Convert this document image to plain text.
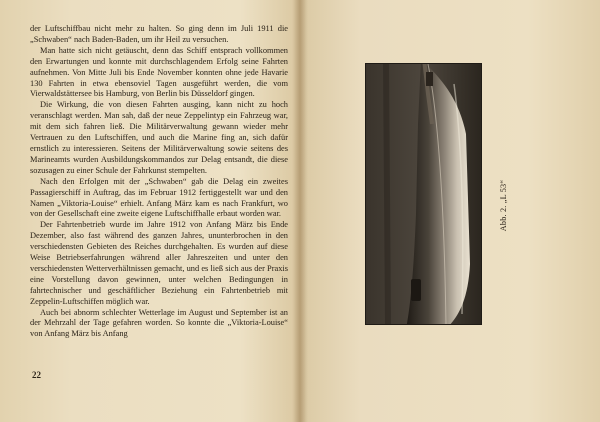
der Luftschiffbau nicht mehr zu halten. So ging denn im Juli 1911 die „Schwaben“ nach Baden-Baden, um ihr Heil zu versuchen.

Man hatte sich nicht getäuscht, denn das Schiff entsprach vollkommen den Erwartungen und konnte mit durchschlagendem Erfolg seine Fahrten aufnehmen. Von Mitte Juli bis Ende November konnten ohne jede Havarie 130 Fahrten in etwa ebensoviel Tagen ausgeführt werden, die vom Vierwaldstättersee bis Hamburg, von Berlin bis Düsseldorf gingen.

Die Wirkung, die von diesen Fahrten ausging, kann nicht zu hoch veranschlagt werden. Man sah, daß der neue Zeppelintyp ein Fahrzeug war, mit dem sich fahren ließ. Die Militärverwaltung gewann wieder mehr Vertrauen zu den Luftschiffen, und auch die Marine fing an, sich dafür ernstlich zu interessieren. Seitens der Militärverwaltung sowie seitens des Marineamts wurden Ausbildungskommandos zur Delag entsandt, die diese sozusagen zu einer Schule der Fahrkunst stempelten.

Nach den Erfolgen mit der „Schwaben“ gab die Delag ein zweites Passagierschiff in Auftrag, das im Februar 1912 fertiggestellt war und den Namen „Viktoria-Louise“ erhielt. Anfang März kam es nach Frankfurt, wo von der Gesellschaft eine zweite eigene Luftschiffhalle erbaut worden war.

Der Fahrtenbetrieb wurde im Jahre 1912 von Anfang März bis Ende Dezember, also fast während des ganzen Jahres, ununterbrochen in den verschiedensten Gebieten des Reiches durchgehalten. Es wurden auf diese Weise Betriebserfahrungen während aller Jahreszeiten und unter den verschiedensten Wetterverhältnissen gemacht, und es ließ sich aus der Praxis eine Vorstellung davon gewinnen, unter welchen Bedingungen in fahrtechnischer und geschäftlicher Beziehung ein Fahrtenbetrieb mit Zeppelin-Luftschiffen möglich war.

Auch bei abnorm schlechter Wetterlage im August und September ist an der Mehrzahl der Tage gefahren worden. So konnte die „Viktoria-Louise“ von Anfang März bis Anfang

22
Abb. 2. „L 53“
